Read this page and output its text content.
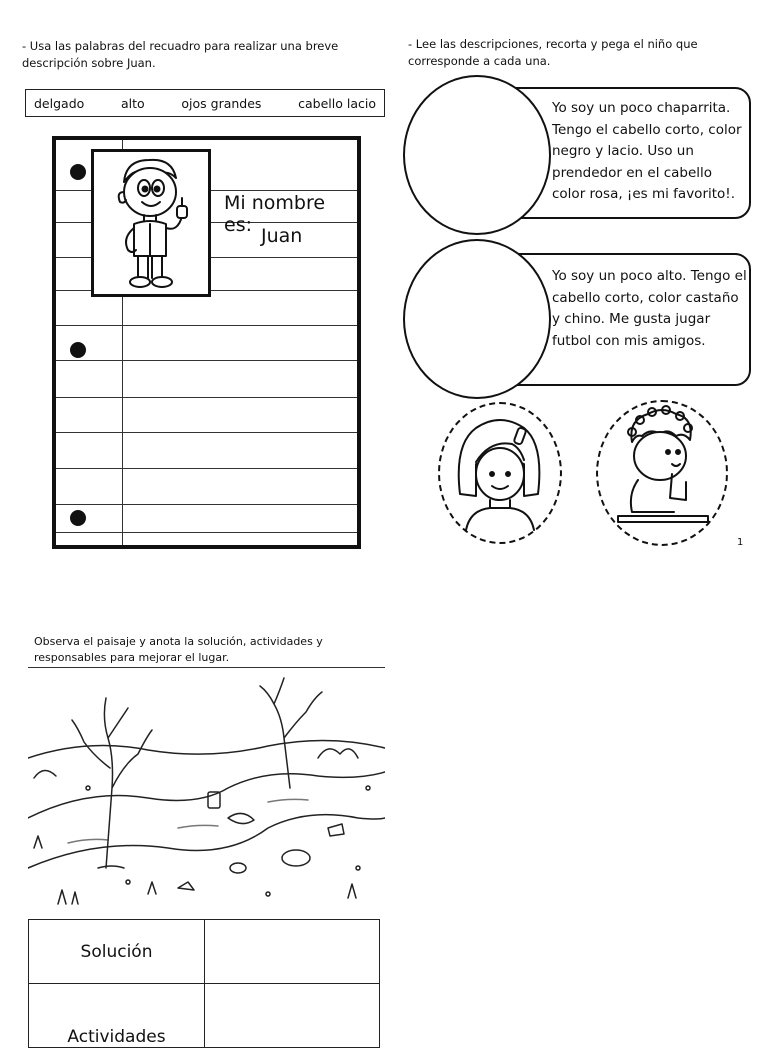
- Usa las palabras del recuadro para realizar una breve descripción sobre Juan.
delgado	alto	ojos grandes	cabello lacio
Mi nombre es: Juan
- Lee las descripciones, recorta y pega el niño que corresponde a cada una.
Yo soy un poco chaparrita. Tengo el cabello corto, color negro y lacio. Uso un prendedor en el cabello color rosa, ¡es mi favorito!.
Yo soy un poco alto. Tengo el cabello corto, color castaño y chino. Me gusta jugar futbol con mis amigos.
1
Observa el paisaje y anota la solución, actividades y responsables para mejorar el lugar.
Solución	
Actividades	
